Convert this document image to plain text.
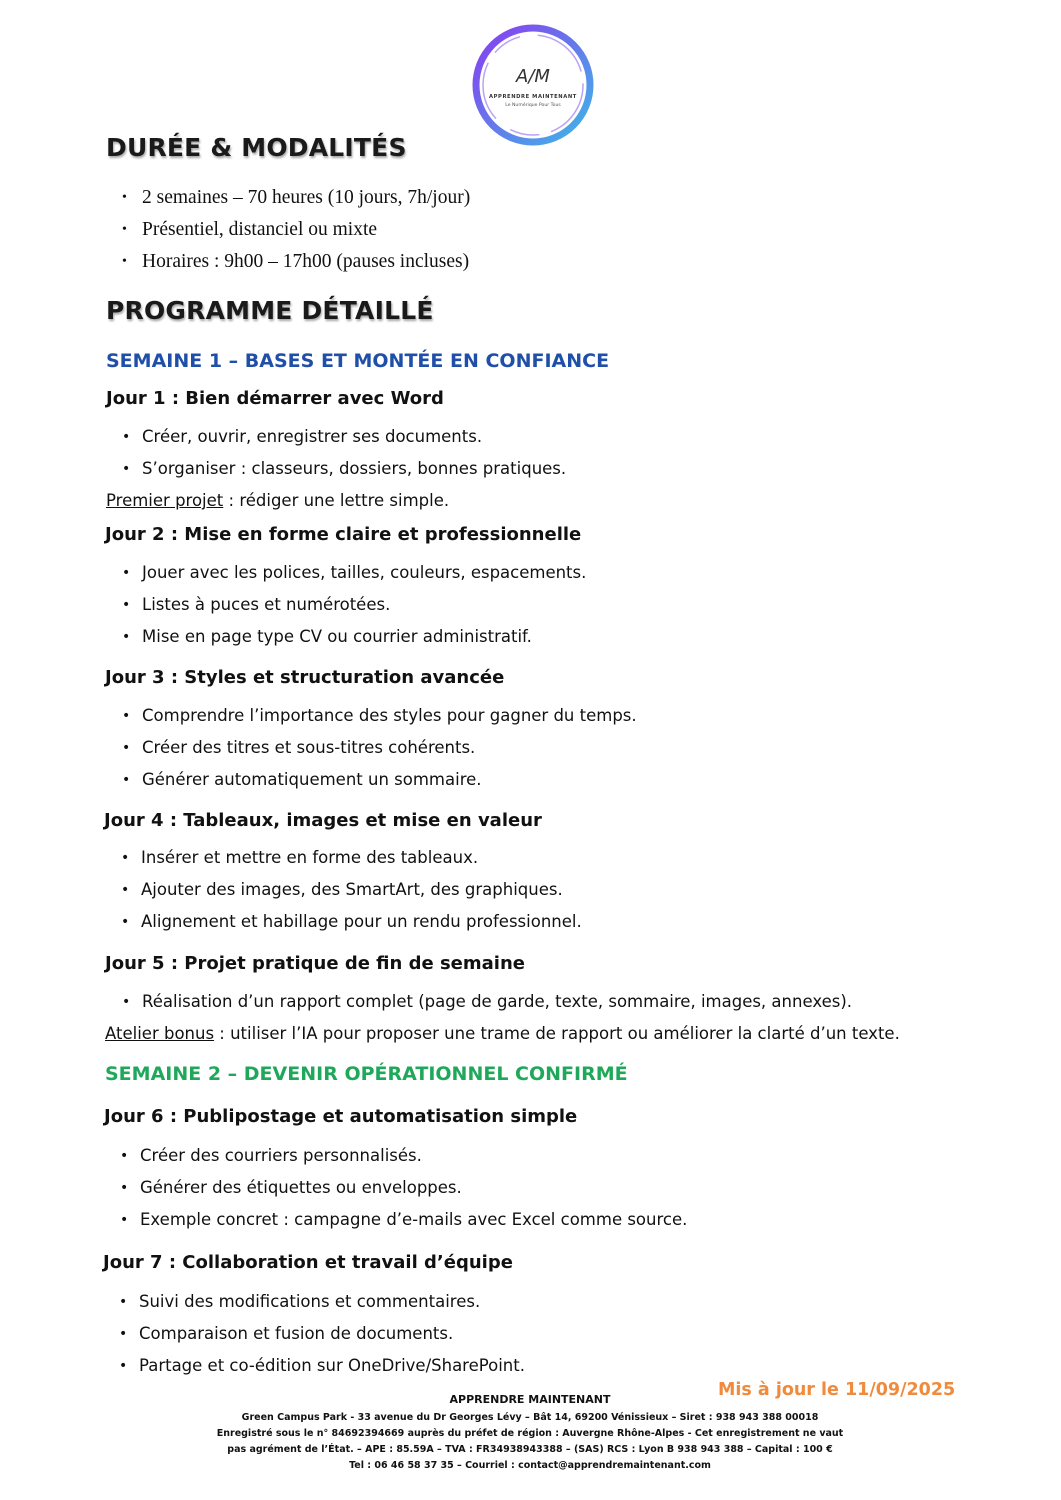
A/M
APPRENDRE MAINTENANT
Le Numérique Pour Tous
DURÉE & MODALITÉS
• 2 semaines – 70 heures (10 jours, 7h/jour)
• Présentiel, distanciel ou mixte
• Horaires : 9h00 – 17h00 (pauses incluses)
PROGRAMME DÉTAILLÉ
SEMAINE 1 – BASES ET MONTÉE EN CONFIANCE
Jour 1 : Bien démarrer avec Word
• Créer, ouvrir, enregistrer ses documents.
• S’organiser : classeurs, dossiers, bonnes pratiques.

Premier projet : rédiger une lettre simple.

Jour 2 : Mise en forme claire et professionnelle
• Jouer avec les polices, tailles, couleurs, espacements.
• Listes à puces et numérotées.
• Mise en page type CV ou courrier administratif.
Jour 3 : Styles et structuration avancée
• Comprendre l’importance des styles pour gagner du temps.
• Créer des titres et sous-titres cohérents.
• Générer automatiquement un sommaire.
Jour 4 : Tableaux, images et mise en valeur
• Insérer et mettre en forme des tableaux.
• Ajouter des images, des SmartArt, des graphiques.
• Alignement et habillage pour un rendu professionnel.
Jour 5 : Projet pratique de fin de semaine
• Réalisation d’un rapport complet (page de garde, texte, sommaire, images, annexes).

Atelier bonus : utiliser l’IA pour proposer une trame de rapport ou améliorer la clarté d’un texte.

SEMAINE 2 – DEVENIR OPÉRATIONNEL CONFIRMÉ
Jour 6 : Publipostage et automatisation simple
• Créer des courriers personnalisés.
• Générer des étiquettes ou enveloppes.
• Exemple concret : campagne d’e-mails avec Excel comme source.
Jour 7 : Collaboration et travail d’équipe
• Suivi des modifications et commentaires.
• Comparaison et fusion de documents.
• Partage et co-édition sur OneDrive/SharePoint.

Mis à jour le 11/09/2025

APPRENDRE MAINTENANT
Green Campus Park - 33 avenue du Dr Georges Lévy – Bât 14, 69200 Vénissieux – Siret : 938 943 388 00018
Enregistré sous le n° 84692394669 auprès du préfet de région : Auvergne Rhône-Alpes - Cet enregistrement ne vaut
pas agrément de l’État. – APE : 85.59A – TVA : FR34938943388 – (SAS) RCS : Lyon B 938 943 388 – Capital : 100 €
Tel : 06 46 58 37 35 – Courriel : contact@apprendremaintenant.com
